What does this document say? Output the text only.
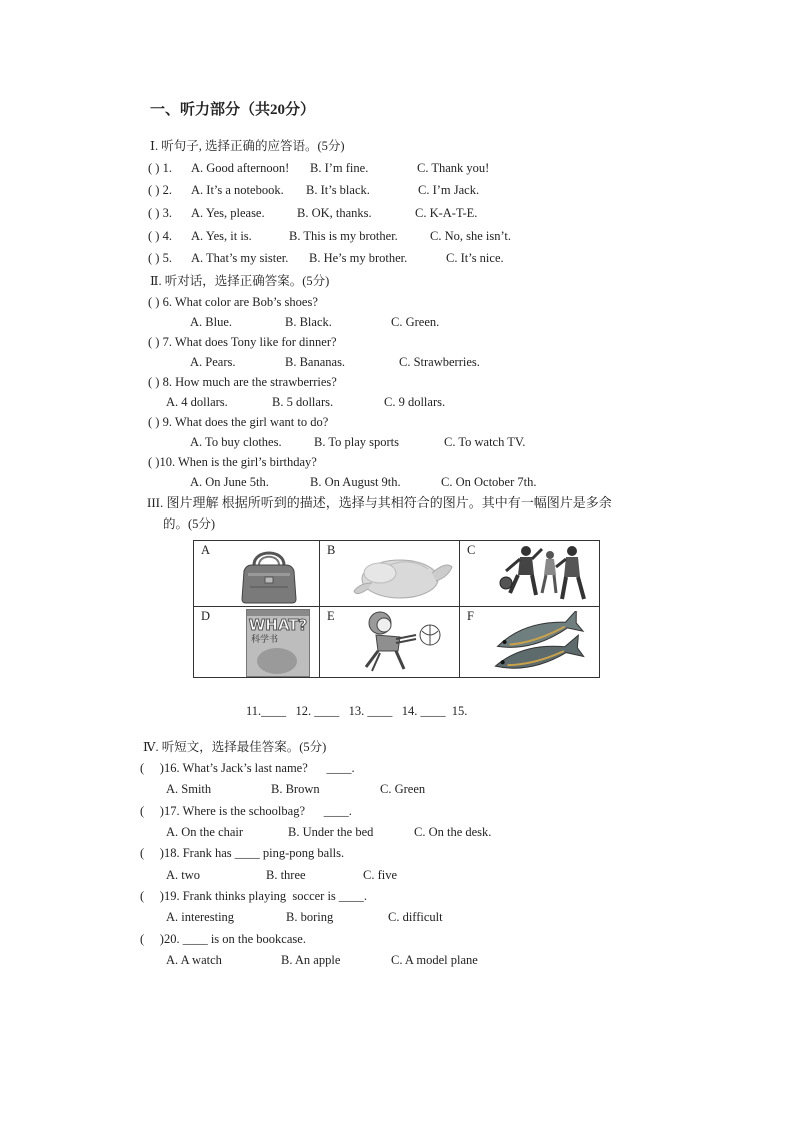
一、听力部分（共20分）
Ⅰ. 听句子, 选择正确的应答语。(5分)
( ) 1. A. Good afternoon! B. I’m fine.	C. Thank you!
( ) 2. A. It’s a notebook. B. It’s black.	C. I’m Jack.
( ) 3. A. Yes, please.	B. OK, thanks.	C. K-A-T-E.
( ) 4. A. Yes, it is.	B. This is my brother.	C. No, she isn’t.
( ) 5. A. That’s my sister. B. He’s my brother.	C. It’s nice.
Ⅱ. 听对话，选择正确答案。(5分)
( ) 6. What color are Bob’s shoes?
A. Blue.	B. Black.	C. Green.
( ) 7. What does Tony like for dinner?
A. Pears.	B. Bananas.	C. Strawberries.
( ) 8. How much are the strawberries?
A. 4 dollars.	B. 5 dollars.	C. 9 dollars.
( ) 9. What does the girl want to do?
A. To buy clothes.	B. To play sports	C. To watch TV.
( )10. When is the girl’s birthday?
A. On June 5th.	B. On August 9th.	C. On October 7th.
III. 图片理解 根据所听到的描述，选择与其相符合的图片。其中有一幅图片是多余
的。(5分)
A	B	C
D	WHAT?
科学书
E	F
11.____   12. ____   13. ____   14. ____  15.
Ⅳ. 听短文，选择最佳答案。(5分)
(     )16. What’s Jack’s last name?      ____.
A. Smith	B. Brown	C. Green
(     )17. Where is the schoolbag?      ____.
A. On the chair	B. Under the bed	C. On the desk.
(     )18. Frank has ____ ping-pong balls.
A. two	B. three	C. five
(     )19. Frank thinks playing  soccer is ____.
A. interesting	B. boring	C. difficult
(     )20. ____ is on the bookcase.
A. A watch	B. An apple	C. A model plane
